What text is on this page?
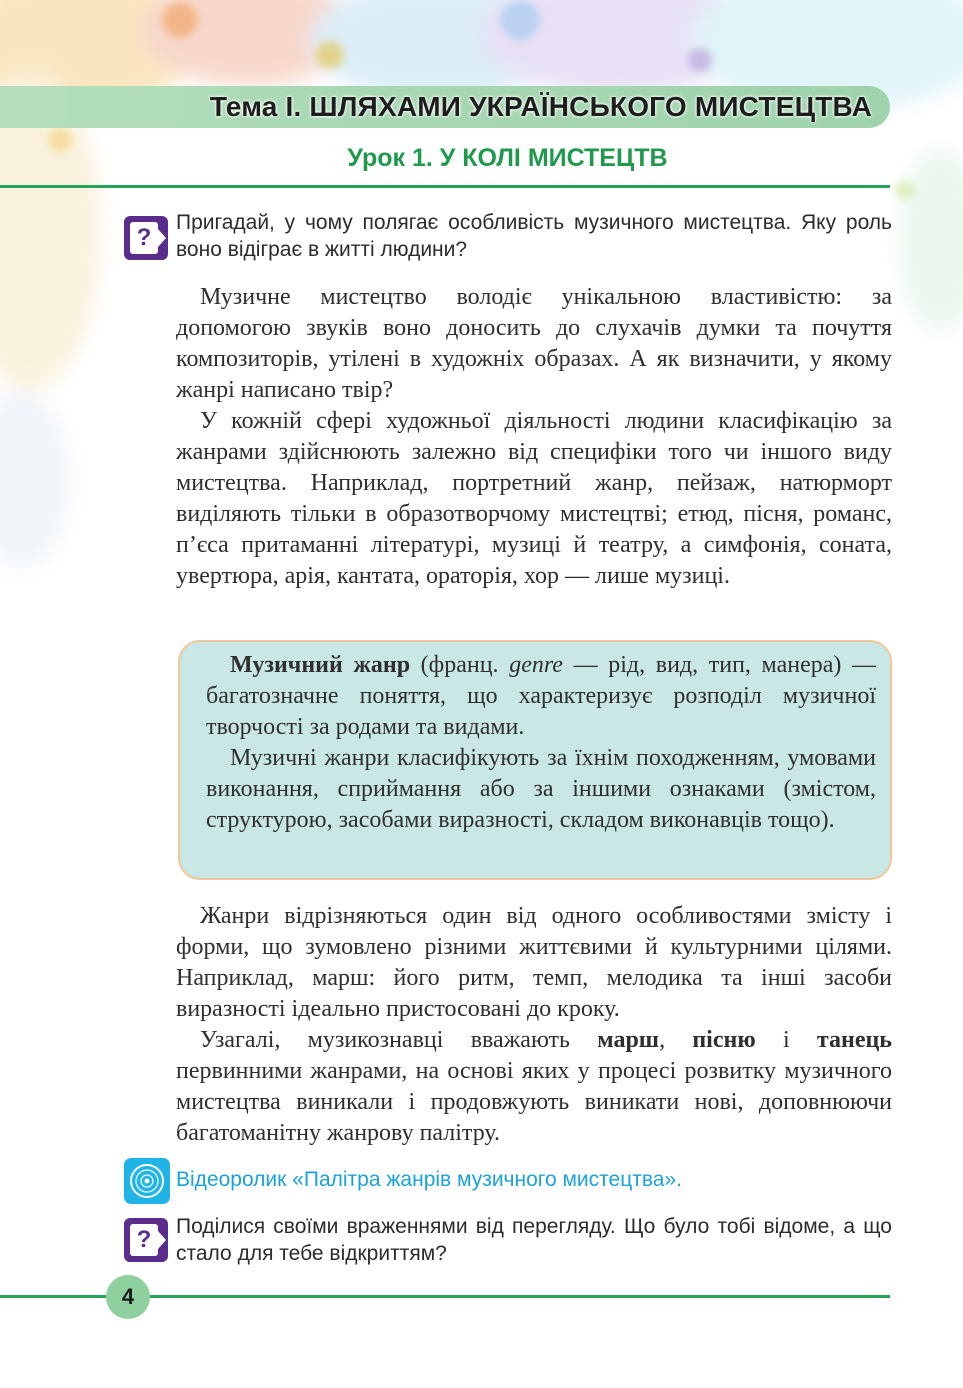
Тема І. ШЛЯХАМИ УКРАЇНСЬКОГО МИСТЕЦТВА
Урок 1. У КОЛІ МИСТЕЦТВ
?
Пригадай, у чому полягає особливість музичного мистецтва. Яку роль воно відіграє в житті людини?

Музичне мистецтво володіє унікальною властивістю: за допомогою звуків воно доносить до слухачів думки та почуття композиторів, утілені в художніх образах. А як визначити, у якому жанрі написано твір?

У кожній сфері художньої діяльності людини класифікацію за жанрами здійснюють залежно від специфіки того чи іншого виду мистецтва. Наприклад, портретний жанр, пейзаж, натюрморт виділяють тільки в образотворчому мистецтві; етюд, пісня, романс, п’єса притаманні літературі, музиці й театру, а симфонія, соната, увертюра, арія, кантата, ораторія, хор — лише музиці.

Музичний жанр (франц. genre — рід, вид, тип, манера) — багатозначне поняття, що характеризує розподіл музичної творчості за родами та видами.

Музичні жанри класифікують за їхнім походженням, умовами виконання, сприймання або за іншими ознаками (змістом, структурою, засобами виразності, складом виконавців тощо).

Жанри відрізняються один від одного особливостями змісту і форми, що зумовлено різними життєвими й культурними цілями. Наприклад, марш: його ритм, темп, мелодика та інші засоби виразності ідеально пристосовані до кроку.

Узагалі, музикознавці вважають марш, пісню і танець первинними жанрами, на основі яких у процесі розвитку музичного мистецтва виникали і продовжують виникати нові, доповнюючи багатоманітну жанрову палітру.

Відеоролик «Палітра жанрів музичного мистецтва».
?	Поділися своїми враженнями від перегляду. Що було тобі відоме, а що стало для тебе відкриттям?
4
